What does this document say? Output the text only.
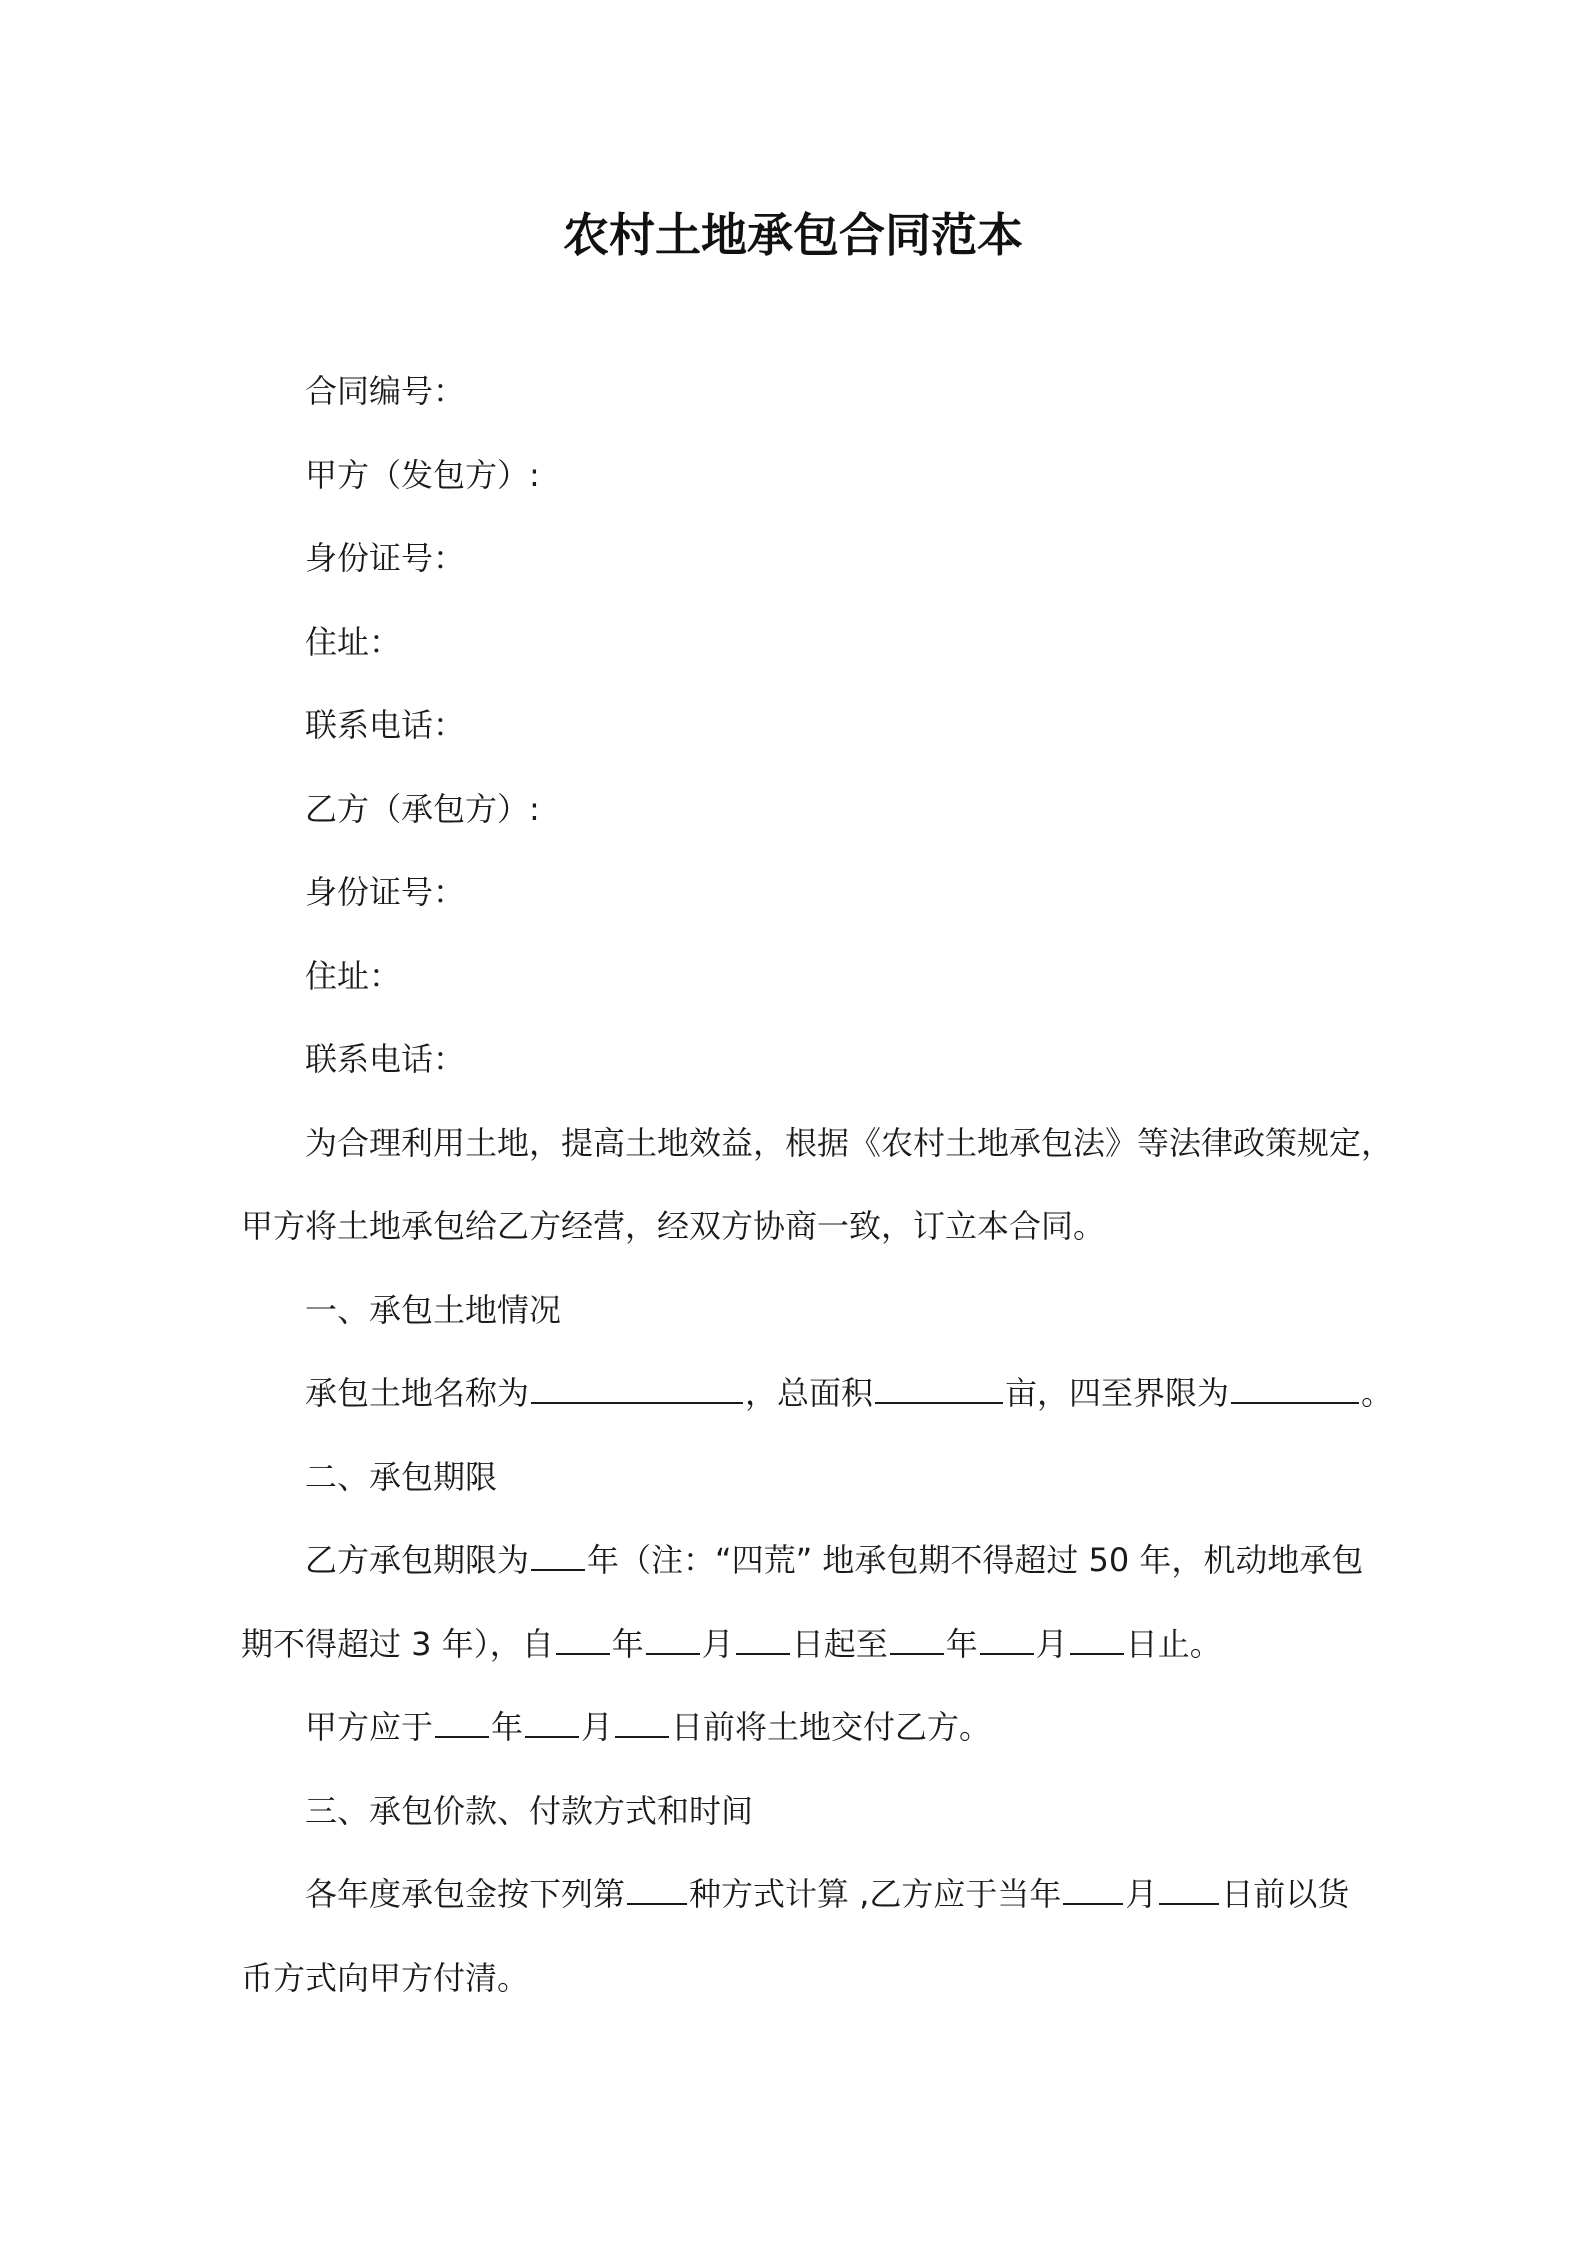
农村土地承包合同范本
合同编号：
甲方（发包方）:
身份证号：
住址：
联系电话：
乙方（承包方）:
身份证号：
住址：
联系电话：
为合理利用土地，提高土地效益，根据《农村土地承包法》等法律政策规定，
甲方将土地承包给乙方经营，经双方协商一致，订立本合同。
一、承包土地情况
承包土地名称为	，总面积	亩，四至界限为	。
二、承包期限
乙方承包期限为 年（注：“四荒” 地承包期不得超过 50 年，机动地承包
期不得超过 3 年），自 年 月 日起至 年 月 日止。
甲方应于 年 月 日前将土地交付乙方。
三、承包价款、付款方式和时间
各年度承包金按下列第 种方式计算 ,乙方应于当年 月 日前以货
币方式向甲方付清。
